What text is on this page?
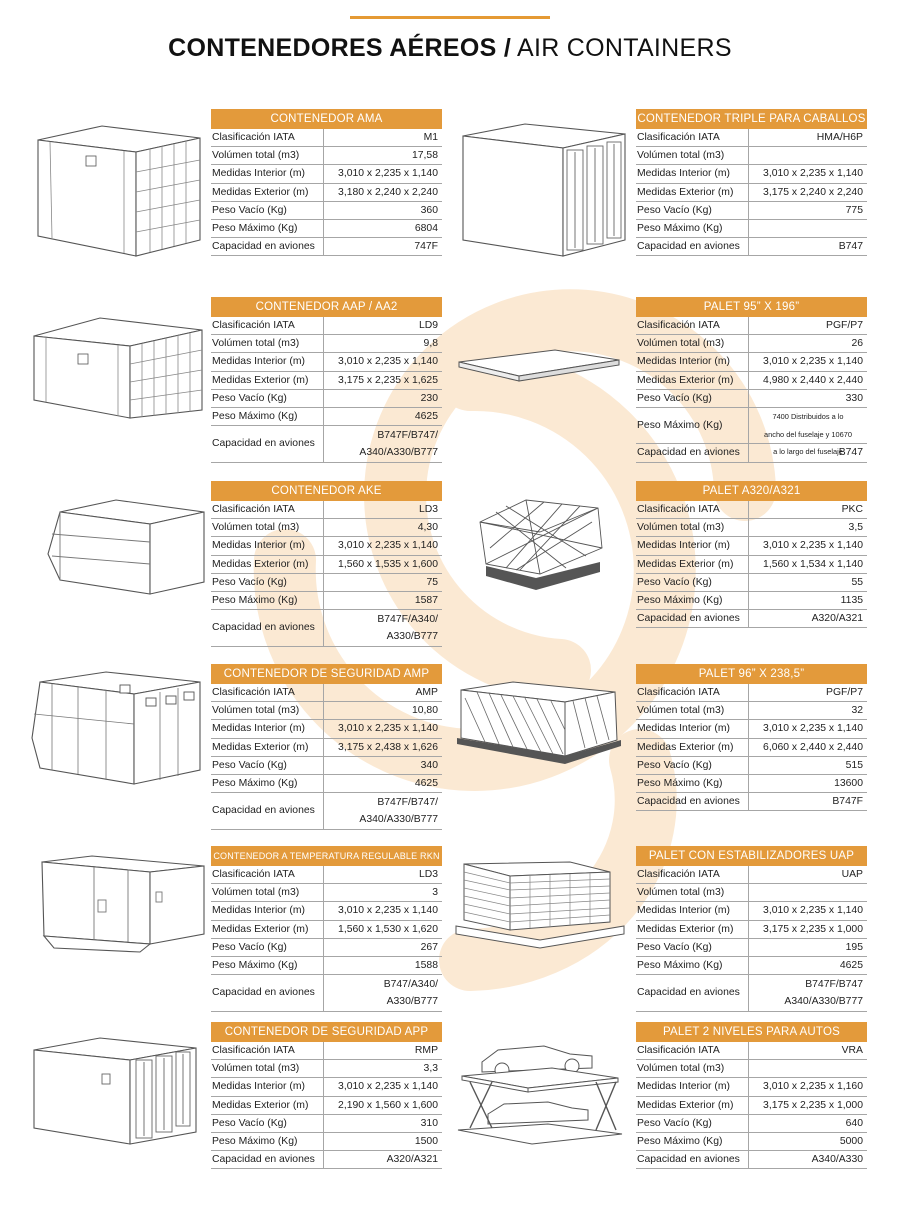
CONTENEDORES AÉREOS / AIR CONTAINERS
CONTENEDOR AMA
Clasificación IATA	M1
Volúmen total (m3)	17,58
Medidas Interior (m)	3,010 x 2,235 x 1,140
Medidas Exterior (m)	3,180 x 2,240 x 2,240
Peso Vacío (Kg)	360
Peso Máximo (Kg)	6804
Capacidad en aviones	747F
CONTENEDOR TRIPLE PARA CABALLOS
Clasificación IATA	HMA/H6P
Volúmen total (m3)
Medidas Interior (m)	3,010 x 2,235 x 1,140
Medidas Exterior (m)	3,175 x 2,240 x 2,240
Peso Vacío (Kg)	775
Peso Máximo (Kg)
Capacidad en aviones	B747
CONTENEDOR AAP / AA2
Clasificación IATA	LD9
Volúmen total (m3)	9,8
Medidas Interior (m)	3,010 x 2,235 x 1,140
Medidas Exterior (m)	3,175 x 2,235 x 1,625
Peso Vacío (Kg)	230
Peso Máximo (Kg)	4625
Capacidad en aviones
B747F/B747/
A340/A330/B777
PALET 95” X 196”
Clasificación IATA	PGF/P7
Volúmen total (m3)	26
Medidas Interior (m)	3,010 x 2,235 x 1,140
Medidas Exterior (m)	4,980 x 2,440 x 2,440
Peso Vacío (Kg)	330
Peso Máximo (Kg)
7400 Distribuidos a lo
ancho del fuselaje y 10670
a lo largo del fuselaje
Capacidad en aviones	B747
CONTENEDOR AKE
Clasificación IATA	LD3
Volúmen total (m3)	4,30
Medidas Interior (m)	3,010 x 2,235 x 1,140
Medidas Exterior (m)	1,560 x 1,535 x 1,600
Peso Vacío (Kg)	75
Peso Máximo (Kg)	1587
Capacidad en aviones
B747F/A340/
A330/B777
PALET A320/A321
Clasificación IATA	PKC
Volúmen total (m3)	3,5
Medidas Interior (m)	3,010 x 2,235 x 1,140
Medidas Exterior (m)	1,560 x 1,534 x 1,140
Peso Vacío (Kg)	55
Peso Máximo (Kg)	1135
Capacidad en aviones	A320/A321
CONTENEDOR DE SEGURIDAD AMP
Clasificación IATA	AMP
Volúmen total (m3)	10,80
Medidas Interior (m)	3,010 x 2,235 x 1,140
Medidas Exterior (m)	3,175 x 2,438 x 1,626
Peso Vacío (Kg)	340
Peso Máximo (Kg)	4625
Capacidad en aviones
B747F/B747/
A340/A330/B777
PALET 96” X 238,5”
Clasificación IATA	PGF/P7
Volúmen total (m3)	32
Medidas Interior (m)	3,010 x 2,235 x 1,140
Medidas Exterior (m)	6,060 x 2,440 x 2,440
Peso Vacío (Kg)	515
Peso Máximo (Kg)	13600
Capacidad en aviones	B747F
CONTENEDOR A TEMPERATURA REGULABLE RKN
Clasificación IATA	LD3
Volúmen total (m3)	3
Medidas Interior (m)	3,010 x 2,235 x 1,140
Medidas Exterior (m)	1,560 x 1,530 x 1,620
Peso Vacío (Kg)	267
Peso Máximo (Kg)	1588
Capacidad en aviones
B747/A340/
A330/B777
PALET CON ESTABILIZADORES UAP
Clasificación IATA	UAP
Volúmen total (m3)
Medidas Interior (m)	3,010 x 2,235 x 1,140
Medidas Exterior (m)	3,175 x 2,235 x 1,000
Peso Vacío (Kg)	195
Peso Máximo (Kg)	4625
Capacidad en aviones
B747F/B747
A340/A330/B777
CONTENEDOR DE SEGURIDAD APP
Clasificación IATA	RMP
Volúmen total (m3)	3,3
Medidas Interior (m)	3,010 x 2,235 x 1,140
Medidas Exterior (m)	2,190 x 1,560 x 1,600
Peso Vacío (Kg)	310
Peso Máximo (Kg)	1500
Capacidad en aviones	A320/A321
PALET 2 NIVELES PARA AUTOS
Clasificación IATA	VRA
Volúmen total (m3)
Medidas Interior (m)	3,010 x 2,235 x 1,160
Medidas Exterior (m)	3,175 x 2,235 x 1,000
Peso Vacío (Kg)	640
Peso Máximo (Kg)	5000
Capacidad en aviones	A340/A330
